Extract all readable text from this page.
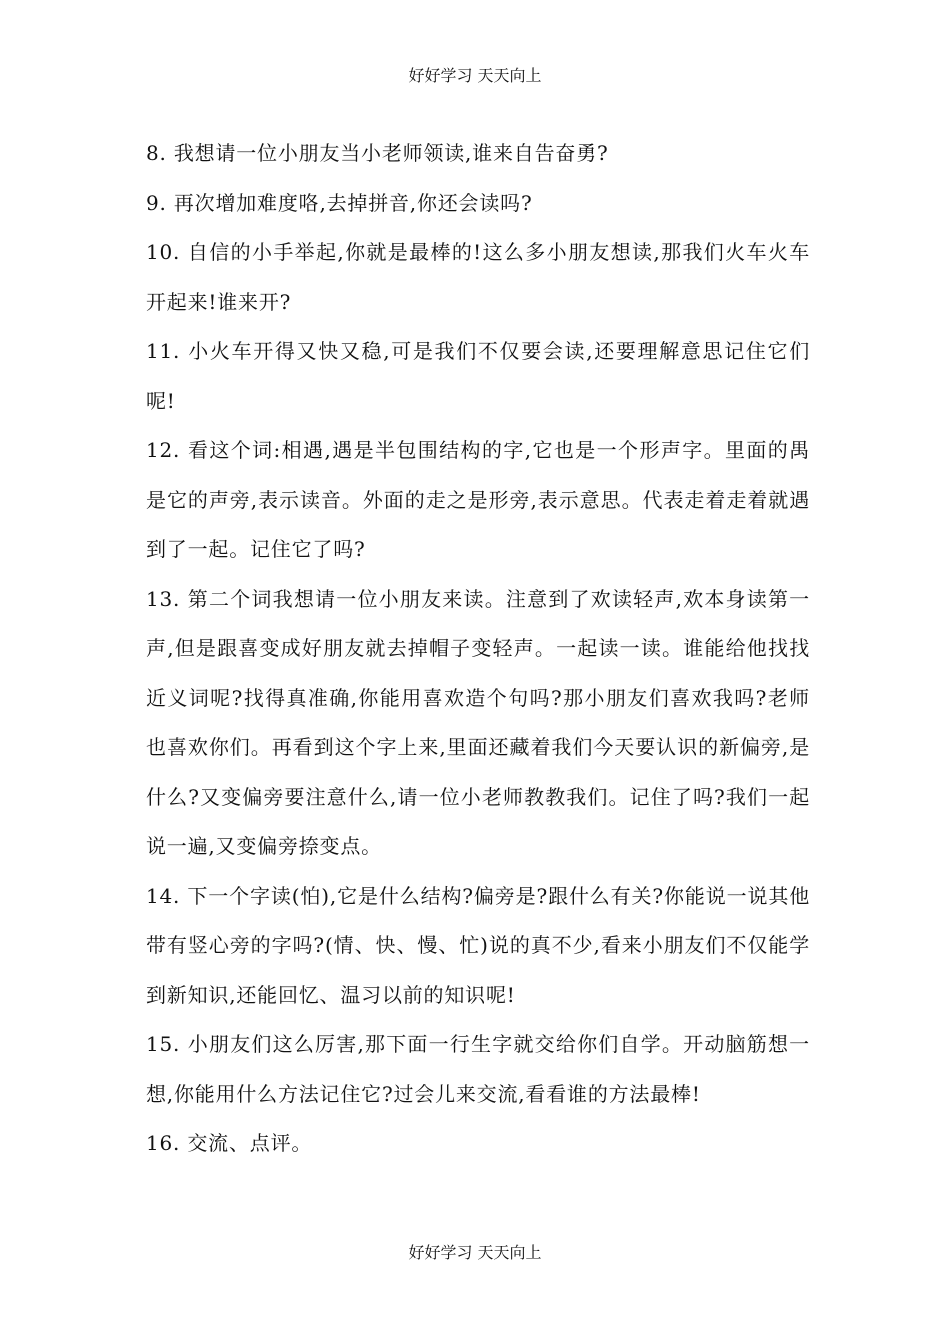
好好学习 天天向上

8. 我想请一位小朋友当小老师领读,谁来自告奋勇?

9. 再次增加难度咯,去掉拼音,你还会读吗?

10. 自信的小手举起,你就是最棒的!这么多小朋友想读,那我们火车火车开起来!谁来开?

11. 小火车开得又快又稳,可是我们不仅要会读,还要理解意思记住它们呢!

12. 看这个词:相遇,遇是半包围结构的字,它也是一个形声字。里面的禺是它的声旁,表示读音。外面的走之是形旁,表示意思。代表走着走着就遇到了一起。记住它了吗?

13. 第二个词我想请一位小朋友来读。注意到了欢读轻声,欢本身读第一声,但是跟喜变成好朋友就去掉帽子变轻声。一起读一读。谁能给他找找近义词呢?找得真准确,你能用喜欢造个句吗?那小朋友们喜欢我吗?老师也喜欢你们。再看到这个字上来,里面还藏着我们今天要认识的新偏旁,是什么?又变偏旁要注意什么,请一位小老师教教我们。记住了吗?我们一起说一遍,又变偏旁捺变点。

14. 下一个字读(怕),它是什么结构?偏旁是?跟什么有关?你能说一说其他带有竖心旁的字吗?(情、快、慢、忙)说的真不少,看来小朋友们不仅能学到新知识,还能回忆、温习以前的知识呢!

15. 小朋友们这么厉害,那下面一行生字就交给你们自学。开动脑筋想一想,你能用什么方法记住它?过会儿来交流,看看谁的方法最棒!

16. 交流、点评。

好好学习 天天向上
